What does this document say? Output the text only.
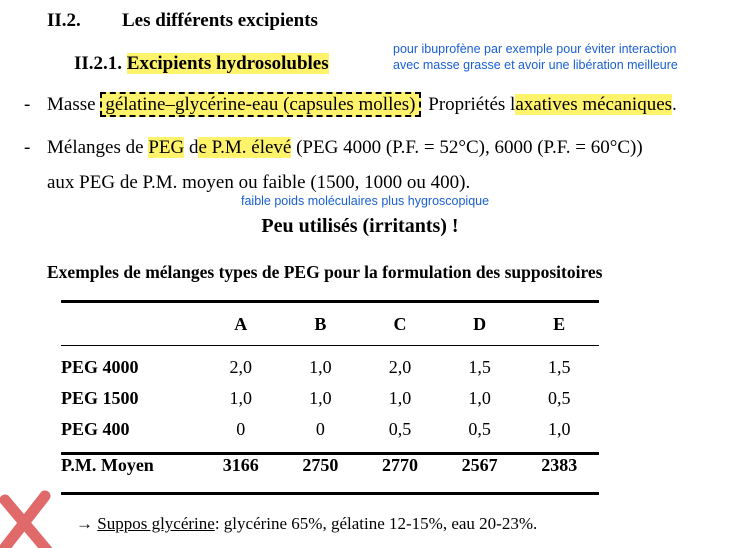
II.2. Les différents excipients
II.2.1. Excipients hydrosolubles
pour ibuprofène par exemple pour éviter interaction
avec masse grasse et avoir une libération meilleure
- Masse gélatine–glycérine-eau (capsules molles) Propriétés laxatives mécaniques.
- Mélanges de PEG de P.M. élevé (PEG 4000 (P.F. = 52°C), 6000 (P.F. = 60°C))
aux PEG de P.M. moyen ou faible (1500, 1000 ou 400).
faible poids moléculaires plus hygroscopique
Peu utilisés (irritants) !
Exemples de mélanges types de PEG pour la formulation des suppositoires
	A	B	C	D	E

PEG 4000	2,0	1,0	2,0	1,5	1,5
PEG 1500	1,0	1,0	1,0	1,0	0,5
PEG 400	0	0	0,5	0,5	1,0
P.M. Moyen	3166	2750	2770	2567	2383
→ Suppos glycérine: glycérine 65%, gélatine 12-15%, eau 20-23%.
